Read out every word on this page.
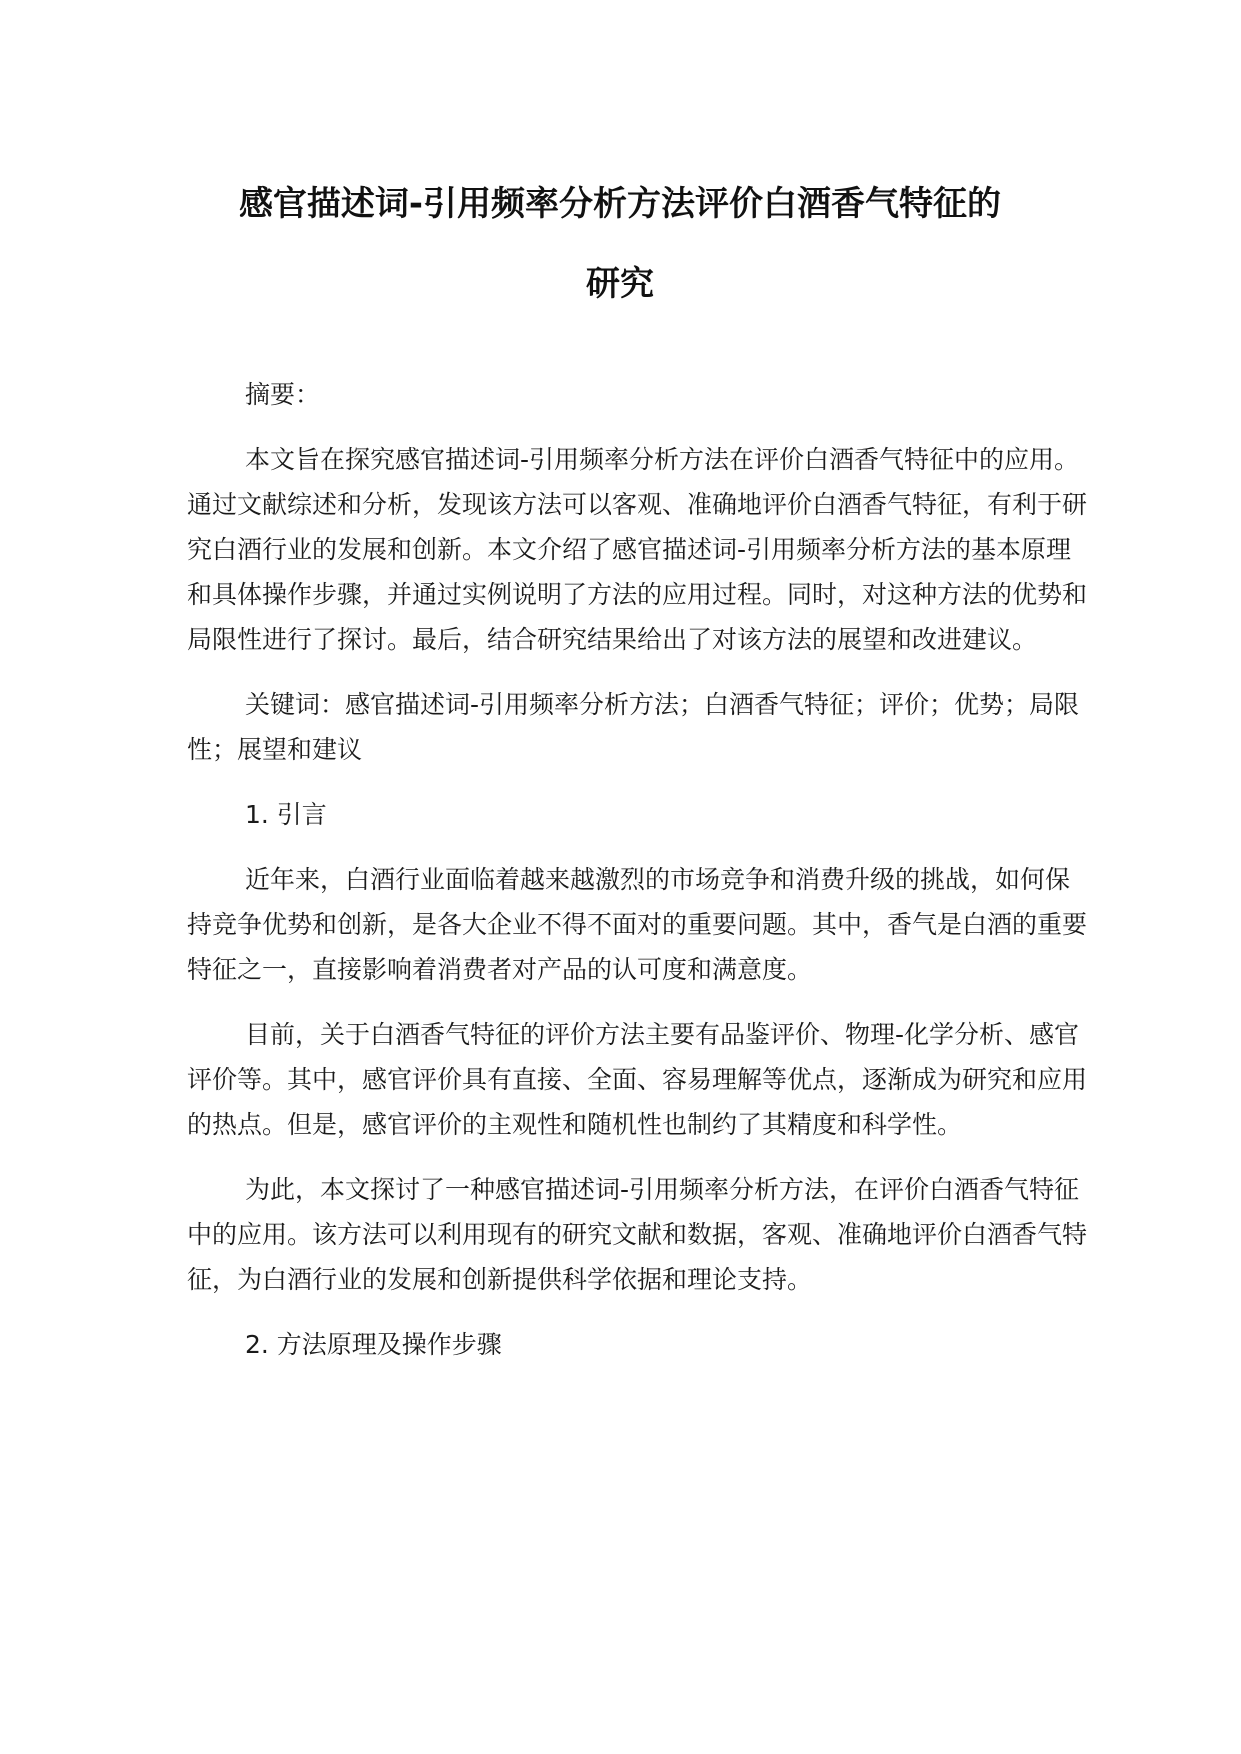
感官描述词-引用频率分析方法评价白酒香气特征的
研究

摘要：

本文旨在探究感官描述词-引用频率分析方法在评价白酒香气特征中的应用。通过文献综述和分析，发现该方法可以客观、准确地评价白酒香气特征，有利于研究白酒行业的发展和创新。本文介绍了感官描述词-引用频率分析方法的基本原理和具体操作步骤，并通过实例说明了方法的应用过程。同时，对这种方法的优势和局限性进行了探讨。最后，结合研究结果给出了对该方法的展望和改进建议。

关键词：感官描述词-引用频率分析方法；白酒香气特征；评价；优势；局限性；展望和建议

1. 引言

近年来，白酒行业面临着越来越激烈的市场竞争和消费升级的挑战，如何保持竞争优势和创新，是各大企业不得不面对的重要问题。其中，香气是白酒的重要特征之一，直接影响着消费者对产品的认可度和满意度。

目前，关于白酒香气特征的评价方法主要有品鉴评价、物理-化学分析、感官评价等。其中，感官评价具有直接、全面、容易理解等优点，逐渐成为研究和应用的热点。但是，感官评价的主观性和随机性也制约了其精度和科学性。

为此，本文探讨了一种感官描述词-引用频率分析方法，在评价白酒香气特征中的应用。该方法可以利用现有的研究文献和数据，客观、准确地评价白酒香气特征，为白酒行业的发展和创新提供科学依据和理论支持。

2. 方法原理及操作步骤
